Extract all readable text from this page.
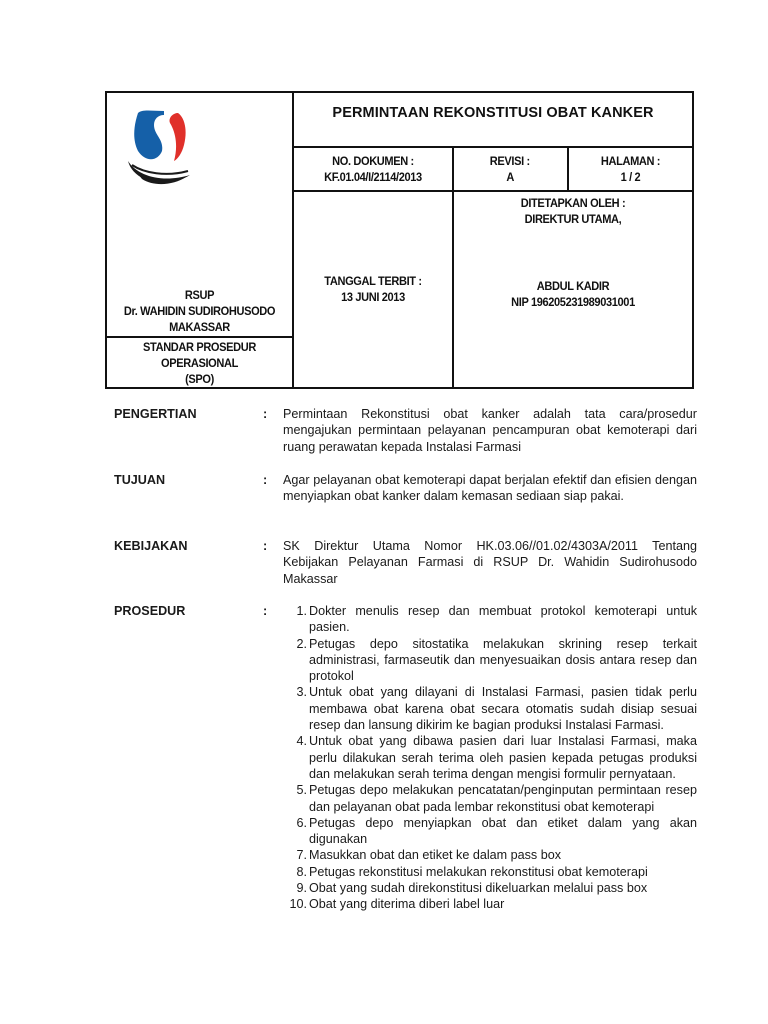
RSUP
Dr. WAHIDIN SUDIROHUSODO
MAKASSAR
STANDAR PROSEDUR
OPERASIONAL
(SPO)
PERMINTAAN REKONSTITUSI OBAT KANKER
NO. DOKUMEN :
KF.01.04/I/2114/2013
REVISI :
A
HALAMAN :
1 / 2
TANGGAL TERBIT :
13 JUNI 2013
DITETAPKAN OLEH :
DIREKTUR UTAMA,
ABDUL KADIR
NIP 196205231989031001
PENGERTIAN	: Permintaan Rekonstitusi obat kanker adalah tata cara/prosedur mengajukan permintaan pelayanan pencampuran obat kemoterapi dari ruang perawatan kepada Instalasi Farmasi
TUJUAN	: Agar pelayanan obat kemoterapi dapat berjalan efektif dan efisien dengan menyiapkan obat kanker dalam kemasan sediaan siap pakai.
KEBIJAKAN	: SK Direktur Utama Nomor HK.03.06//01.02/4303A/2011 Tentang Kebijakan Pelayanan Farmasi di RSUP Dr. Wahidin Sudirohusodo Makassar
PROSEDUR	:	1. Dokter menulis resep dan membuat protokol kemoterapi untuk pasien.
2. Petugas depo sitostatika melakukan skrining resep terkait administrasi, farmaseutik dan menyesuaikan dosis antara resep dan protokol
3. Untuk obat yang dilayani di Instalasi Farmasi, pasien tidak perlu membawa obat karena obat secara otomatis sudah disiap sesuai resep dan lansung dikirim ke bagian produksi Instalasi Farmasi.
4. Untuk obat yang dibawa pasien dari luar Instalasi Farmasi, maka perlu dilakukan serah terima oleh pasien kepada petugas produksi dan melakukan serah terima dengan mengisi formulir pernyataan.
5. Petugas depo melakukan pencatatan/penginputan permintaan resep dan pelayanan obat pada lembar rekonstitusi obat kemoterapi
6. Petugas depo menyiapkan obat dan etiket dalam yang akan digunakan
7. Masukkan obat dan etiket ke dalam pass box
8. Petugas rekonstitusi melakukan rekonstitusi obat kemoterapi
9. Obat yang sudah direkonstitusi dikeluarkan melalui pass box
10. Obat yang diterima diberi label luar
